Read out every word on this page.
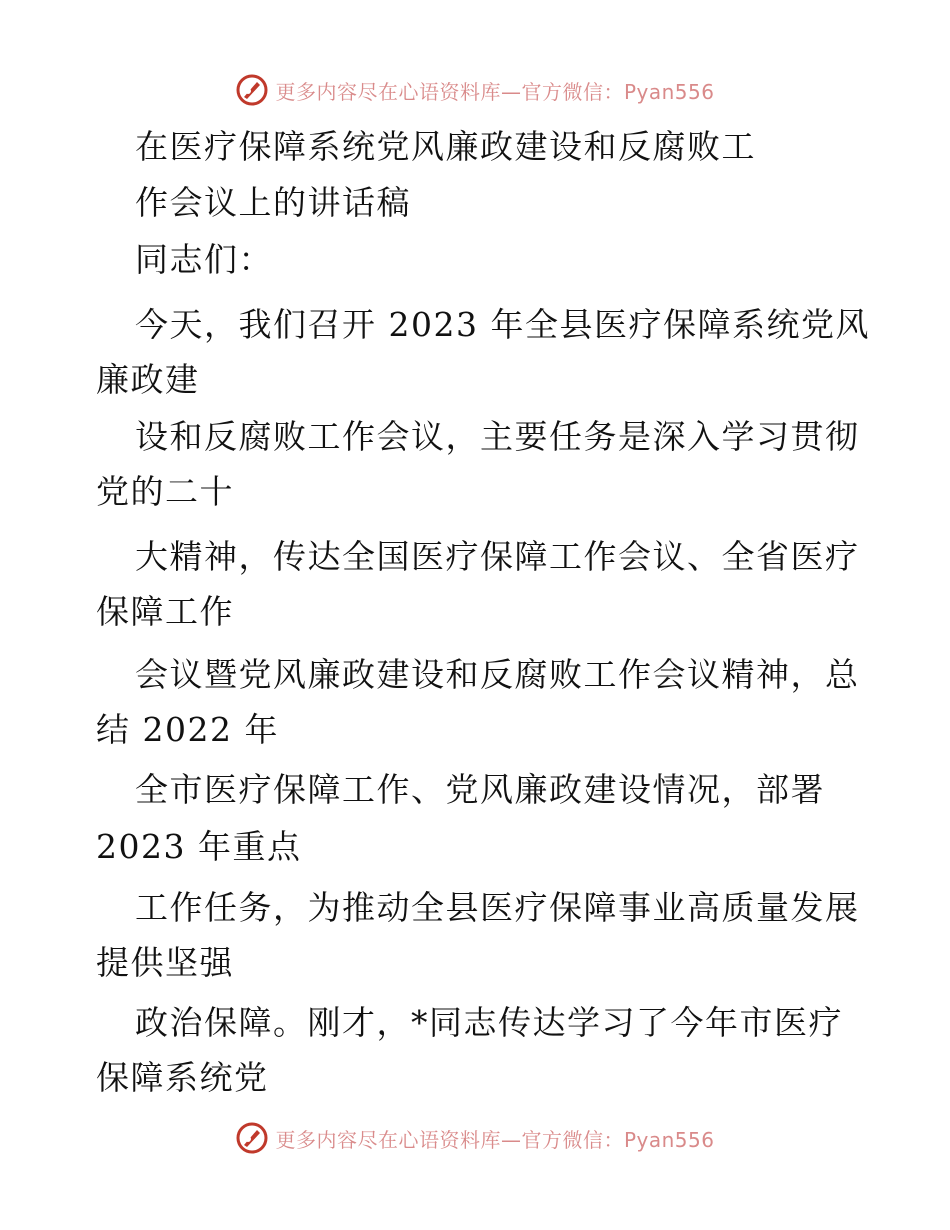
更多内容尽在心语资料库—官方微信：Pyan556
在医疗保障系统党风廉政建设和反腐败工
作会议上的讲话稿
同志们：
今天，我们召开 2023 年全县医疗保障系统党风
廉政建
设和反腐败工作会议，主要任务是深入学习贯彻
党的二十
大精神，传达全国医疗保障工作会议、全省医疗
保障工作
会议暨党风廉政建设和反腐败工作会议精神，总
结 2022 年
全市医疗保障工作、党风廉政建设情况，部署
2023 年重点
工作任务，为推动全县医疗保障事业高质量发展
提供坚强
政治保障。刚才，*同志传达学习了今年市医疗
保障系统党
更多内容尽在心语资料库—官方微信：Pyan556
